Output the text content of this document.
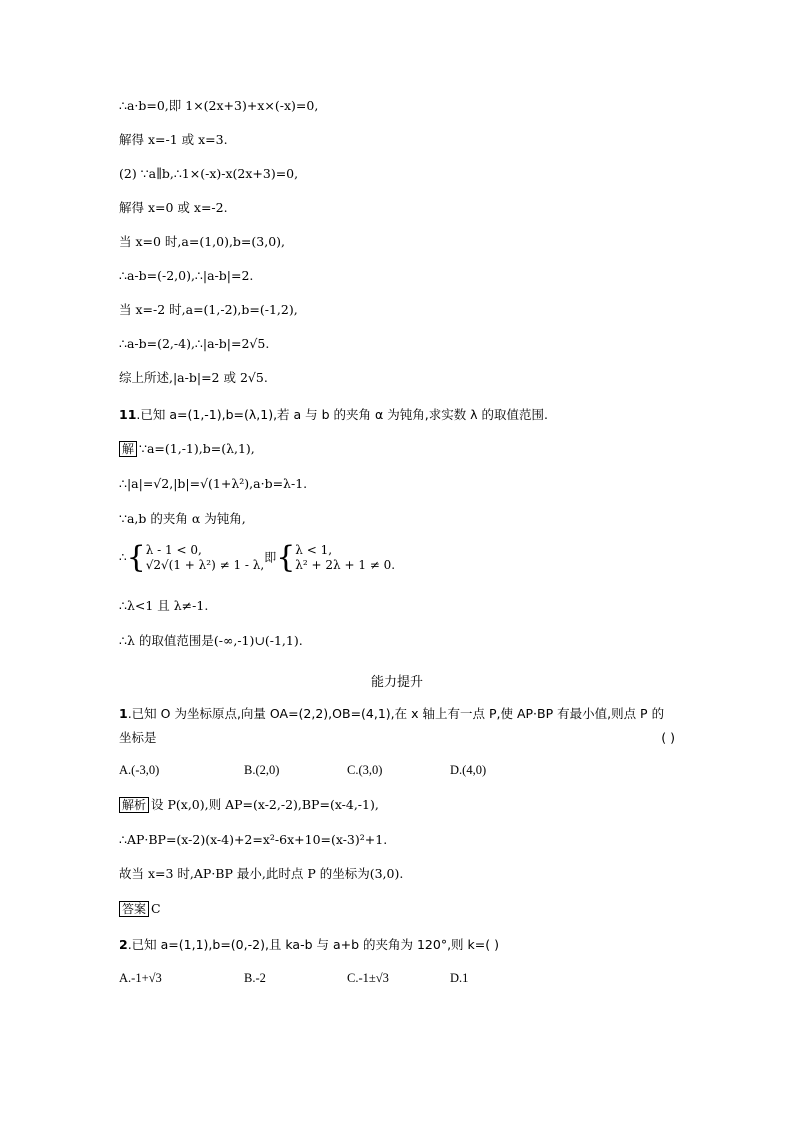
∴a·b=0,即 1×(2x+3)+x×(-x)=0,
解得 x=-1 或 x=3.
(2) ∵a∥b,∴1×(-x)-x(2x+3)=0,
解得 x=0 或 x=-2.
当 x=0 时,a=(1,0),b=(3,0),
∴a-b=(-2,0),∴|a-b|=2.
当 x=-2 时,a=(1,-2),b=(-1,2),
∴a-b=(2,-4),∴|a-b|=2√5.
综上所述,|a-b|=2 或 2√5.
11.已知 a=(1,-1),b=(λ,1),若 a 与 b 的夹角 α 为钝角,求实数 λ 的取值范围.
解 ∵a=(1,-1),b=(λ,1),
∴|a|=√2,|b|=√(1+λ²),a·b=λ-1.
∵a,b 的夹角 α 为钝角,
∴{λ - 1 < 0,
√2√(1 + λ²) ≠ 1 - λ,即{λ < 1,
λ² + 2λ + 1 ≠ 0.
∴λ<1 且 λ≠-1.
∴λ 的取值范围是(-∞,-1)∪(-1,1).
能力提升
1.已知 O 为坐标原点,向量 OA=(2,2),OB=(4,1),在 x 轴上有一点 P,使 AP·BP 有最小值,则点 P 的
坐标是	( )
A.(-3,0)	B.(2,0)	C.(3,0)	D.(4,0)
解析 设 P(x,0),则 AP=(x-2,-2),BP=(x-4,-1),
∴AP·BP=(x-2)(x-4)+2=x²-6x+10=(x-3)²+1.
故当 x=3 时,AP·BP 最小,此时点 P 的坐标为(3,0).
答案 C
2.已知 a=(1,1),b=(0,-2),且 ka-b 与 a+b 的夹角为 120°,则 k=( )
A.-1+√3	B.-2	C.-1±√3	D.1
